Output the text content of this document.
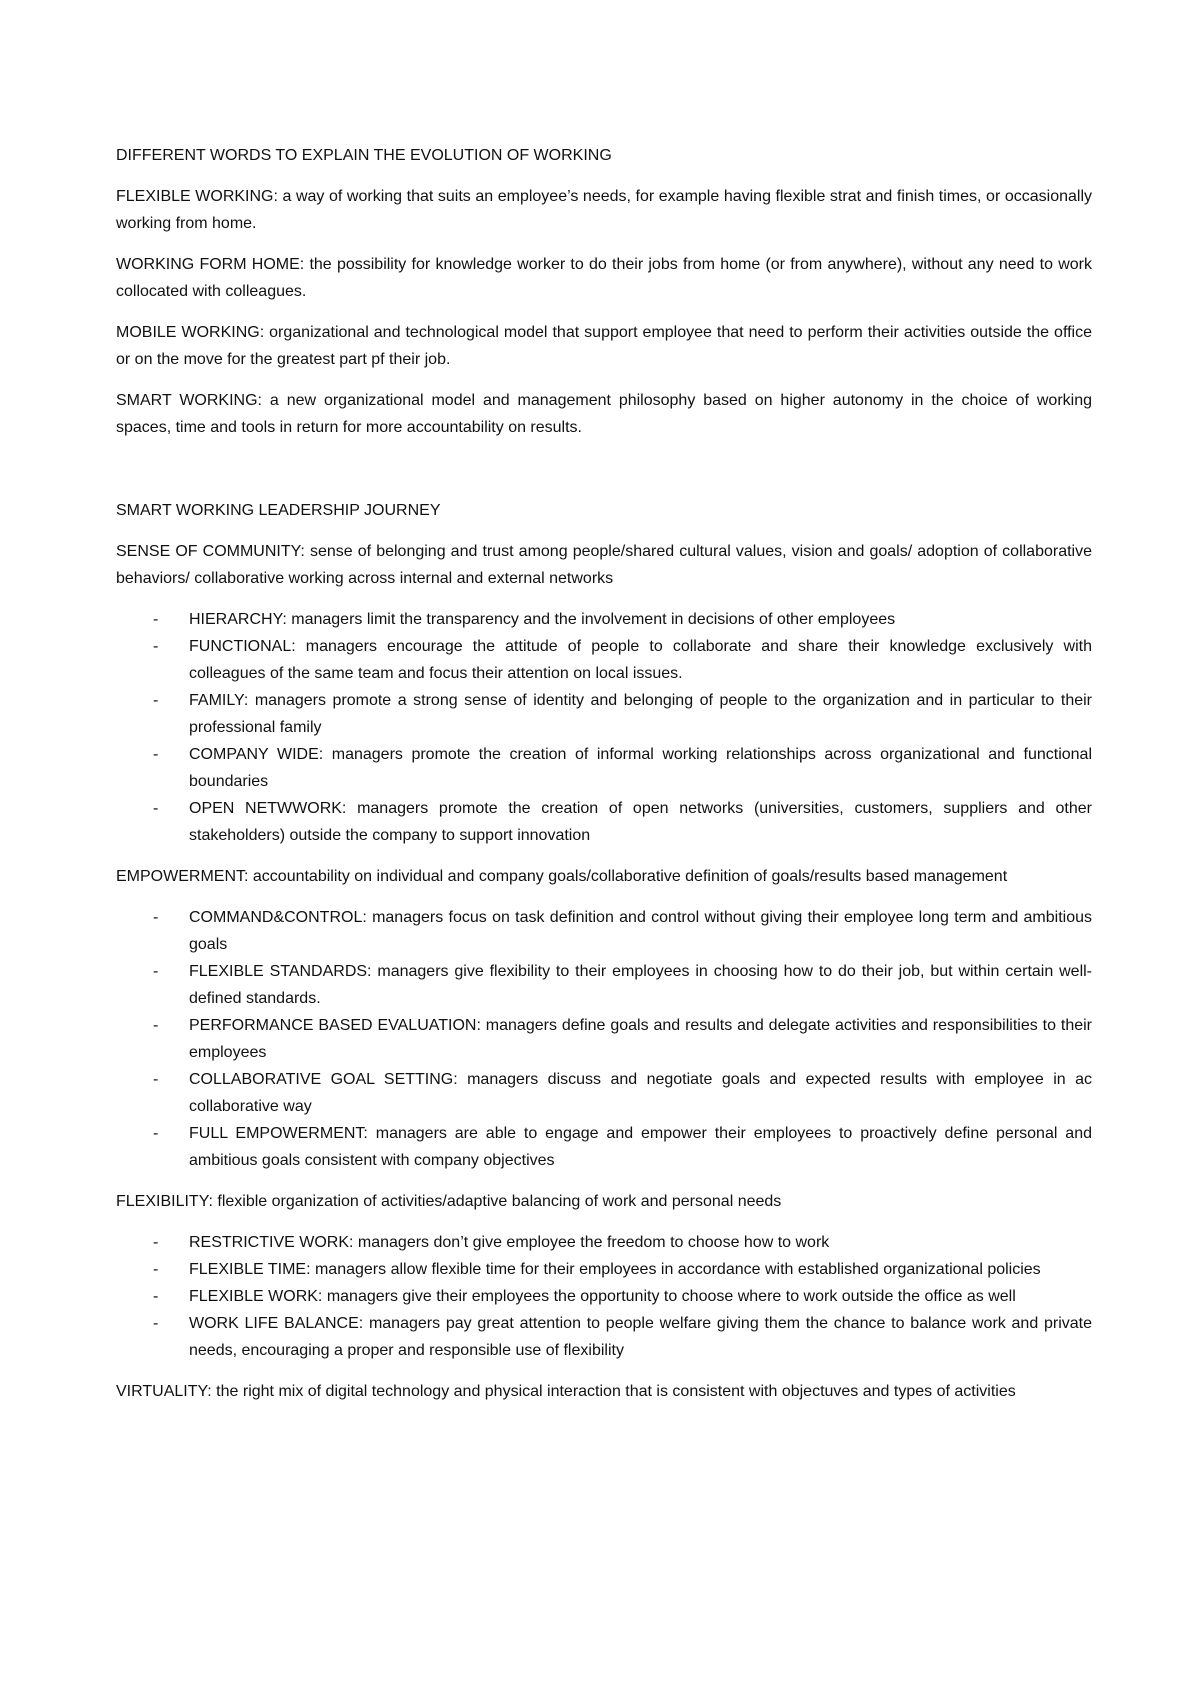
DIFFERENT WORDS TO EXPLAIN THE EVOLUTION OF WORKING
FLEXIBLE WORKING: a way of working that suits an employee’s needs, for example having flexible strat and finish times, or occasionally working from home.
WORKING FORM HOME: the possibility for knowledge worker to do their jobs from home (or from anywhere), without any need to work collocated with colleagues.
MOBILE WORKING: organizational and technological model that support employee that need to perform their activities outside the office or on the move for the greatest part pf their job.
SMART WORKING: a new organizational model and management philosophy based on higher autonomy in the choice of working spaces, time and tools in return for more accountability on results.
SMART WORKING LEADERSHIP JOURNEY
SENSE OF COMMUNITY: sense of belonging and trust among people/shared cultural values, vision and goals/ adoption of collaborative behaviors/ collaborative working across internal and external networks
- HIERARCHY: managers limit the transparency and the involvement in decisions of other employees
- FUNCTIONAL: managers encourage the attitude of people to collaborate and share their knowledge exclusively with colleagues of the same team and focus their attention on local issues.
- FAMILY: managers promote a strong sense of identity and belonging of people to the organization and in particular to their professional family
- COMPANY WIDE: managers promote the creation of informal working relationships across organizational and functional boundaries
- OPEN NETWWORK: managers promote the creation of open networks (universities, customers, suppliers and other stakeholders) outside the company to support innovation
EMPOWERMENT: accountability on individual and company goals/collaborative definition of goals/results based management
- COMMAND&CONTROL: managers focus on task definition and control without giving their employee long term and ambitious goals
- FLEXIBLE STANDARDS: managers give flexibility to their employees in choosing how to do their job, but within certain well-defined standards.
- PERFORMANCE BASED EVALUATION: managers define goals and results and delegate activities and responsibilities to their employees
- COLLABORATIVE GOAL SETTING: managers discuss and negotiate goals and expected results with employee in ac collaborative way
- FULL EMPOWERMENT: managers are able to engage and empower their employees to proactively define personal and ambitious goals consistent with company objectives
FLEXIBILITY: flexible organization of activities/adaptive balancing of work and personal needs
- RESTRICTIVE WORK: managers don’t give employee the freedom to choose how to work
- FLEXIBLE TIME: managers allow flexible time for their employees in accordance with established organizational policies
- FLEXIBLE WORK: managers give their employees the opportunity to choose where to work outside the office as well
- WORK LIFE BALANCE: managers pay great attention to people welfare giving them the chance to balance work and private needs, encouraging a proper and responsible use of flexibility
VIRTUALITY: the right mix of digital technology and physical interaction that is consistent with objectuves and types of activities
